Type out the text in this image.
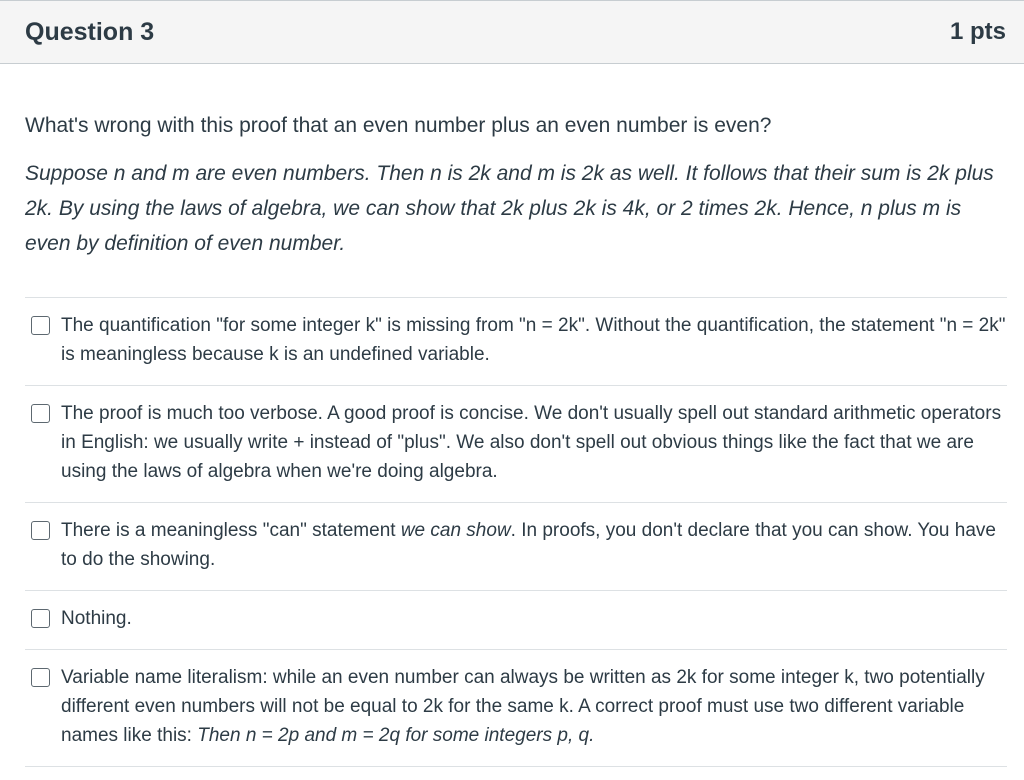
Question 3	1 pts

What's wrong with this proof that an even number plus an even number is even?

Suppose n and m are even numbers. Then n is 2k and m is 2k as well. It follows that their sum is 2k plus 2k. By using the laws of algebra, we can show that 2k plus 2k is 4k, or 2 times 2k. Hence, n plus m is even by definition of even number.

The quantification "for some integer k" is missing from "n = 2k". Without the quantification, the statement "n = 2k" is meaningless because k is an undefined variable.
The proof is much too verbose. A good proof is concise. We don't usually spell out standard arithmetic operators in English: we usually write + instead of "plus". We also don't spell out obvious things like the fact that we are using the laws of algebra when we're doing algebra.
There is a meaningless "can" statement we can show. In proofs, you don't declare that you can show. You have to do the showing.
Nothing.
Variable name literalism: while an even number can always be written as 2k for some integer k, two potentially different even numbers will not be equal to 2k for the same k. A correct proof must use two different variable names like this: Then n = 2p and m = 2q for some integers p, q.
